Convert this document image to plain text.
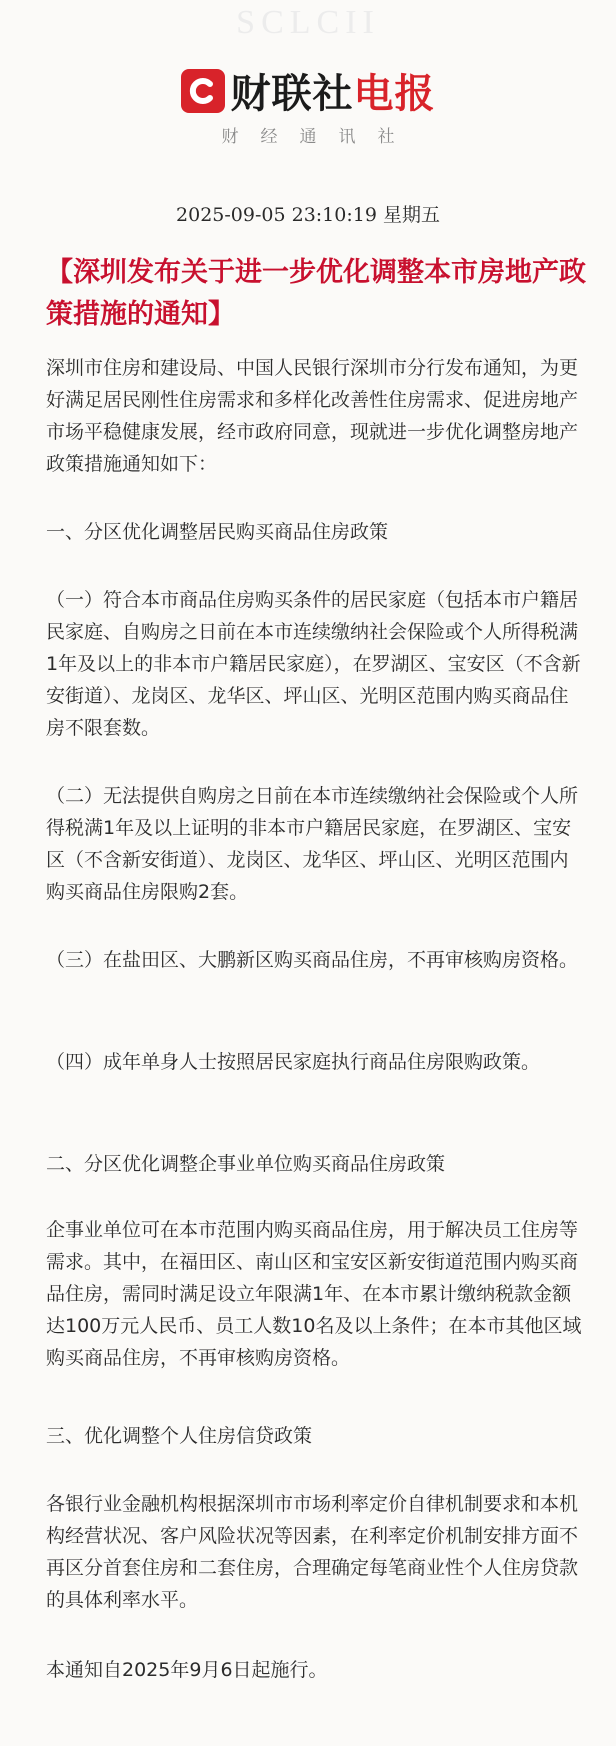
SCLCII
财联社电报
财经通讯社
2025-09-05 23:10:19 星期五
【深圳发布关于进一步优化调整本市房地产政策措施的通知】

深圳市住房和建设局、中国人民银行深圳市分行发布通知，为更好满足居民刚性住房需求和多样化改善性住房需求、促进房地产市场平稳健康发展，经市政府同意，现就进一步优化调整房地产政策措施通知如下：

一、分区优化调整居民购买商品住房政策

（一）符合本市商品住房购买条件的居民家庭（包括本市户籍居民家庭、自购房之日前在本市连续缴纳社会保险或个人所得税满1年及以上的非本市户籍居民家庭），在罗湖区、宝安区（不含新安街道）、龙岗区、龙华区、坪山区、光明区范围内购买商品住房不限套数。

（二）无法提供自购房之日前在本市连续缴纳社会保险或个人所得税满1年及以上证明的非本市户籍居民家庭，在罗湖区、宝安区（不含新安街道）、龙岗区、龙华区、坪山区、光明区范围内购买商品住房限购2套。

（三）在盐田区、大鹏新区购买商品住房，不再审核购房资格。

（四）成年单身人士按照居民家庭执行商品住房限购政策。

二、分区优化调整企事业单位购买商品住房政策

企事业单位可在本市范围内购买商品住房，用于解决员工住房等需求。其中，在福田区、南山区和宝安区新安街道范围内购买商品住房，需同时满足设立年限满1年、在本市累计缴纳税款金额达100万元人民币、员工人数10名及以上条件；在本市其他区域购买商品住房，不再审核购房资格。

三、优化调整个人住房信贷政策

各银行业金融机构根据深圳市市场利率定价自律机制要求和本机构经营状况、客户风险状况等因素，在利率定价机制安排方面不再区分首套住房和二套住房，合理确定每笔商业性个人住房贷款的具体利率水平。

本通知自2025年9月6日起施行。
